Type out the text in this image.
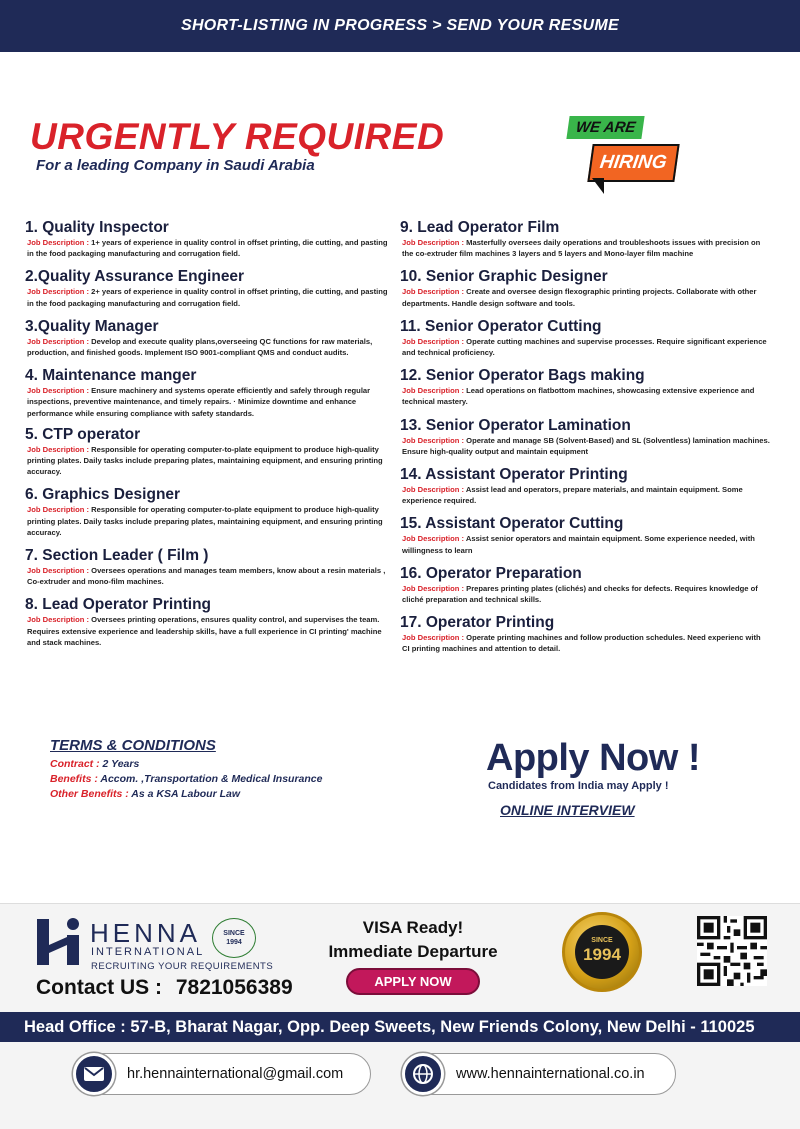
SHORT-LISTING IN PROGRESS > SEND YOUR RESUME
URGENTLY REQUIRED
For a leading Company in Saudi Arabia
WE ARE
HIRING
1. Quality Inspector
Job Description : 1+ years of experience in quality control in offset printing, die cutting, and pasting in the food packaging manufacturing and corrugation field.
2.Quality Assurance Engineer
Job Description : 2+ years of experience in quality control in offset printing, die cutting, and pasting in the food packaging manufacturing and corrugation field.
3.Quality Manager
Job Description : Develop and execute quality plans,overseeing QC functions for raw materials, production, and finished goods. Implement ISO 9001-compliant QMS and conduct audits.
4. Maintenance manger
Job Description : Ensure machinery and systems operate efficiently and safely through regular inspections, preventive maintenance, and timely repairs. · Minimize downtime and enhance performance while ensuring compliance with safety standards.
5. CTP operator
Job Description : Responsible for operating computer-to-plate equipment to produce high-quality printing plates. Daily tasks include preparing plates, maintaining equipment, and ensuring printing accuracy.
6. Graphics Designer
Job Description : Responsible for operating computer-to-plate equipment to produce high-quality printing plates. Daily tasks include preparing plates, maintaining equipment, and ensuring printing accuracy.
7. Section Leader ( Film )
Job Description : Oversees operations and manages team members, know about a resin materials , Co-extruder and mono-film machines.
8. Lead Operator Printing
Job Description : Oversees printing operations, ensures quality control, and supervises the team. Requires extensive experience and leadership skills, have a full experience in CI printing' machine and stack machines.
9. Lead Operator Film
Job Description : Masterfully oversees daily operations and troubleshoots issues with precision on the co-extruder film machines 3 layers and 5 layers and Mono-layer film machine
10. Senior Graphic Designer
Job Description : Create and oversee design flexographic printing projects. Collaborate with other departments. Handle design software and tools.
11. Senior Operator Cutting
Job Description : Operate cutting machines and supervise processes. Require significant experience and technical proficiency.
12. Senior Operator Bags making
Job Description : Lead operations on flatbottom machines, showcasing extensive experience and technical mastery.
13. Senior Operator Lamination
Job Description : Operate and manage SB (Solvent-Based) and SL (Solventless) lamination machines. Ensure high-quality output and maintain equipment
14. Assistant Operator Printing
Job Description : Assist lead and operators, prepare materials, and maintain equipment. Some experience required.
15. Assistant Operator Cutting
Job Description : Assist senior operators and maintain equipment. Some experience needed, with willingness to learn
16. Operator Preparation
Job Description : Prepares printing plates (clichés) and checks for defects. Requires knowledge of cliché preparation and technical skills.
17. Operator Printing
Job Description : Operate printing machines and follow production schedules. Need experienc with CI printing machines and attention to detail.
TERMS & CONDITIONS
Contract : 2 Years
Benefits : Accom. ,Transportation & Medical Insurance
Other Benefits : As a KSA Labour Law
Apply Now !
Candidates from India may Apply !
ONLINE INTERVIEW
HENNA
INTERNATIONAL
RECRUITING YOUR REQUIREMENTS
SINCE
1994
Contact US : 7821056389
VISA Ready!
Immediate Departure
APPLY NOW
SINCE
1994
Head Office : 57-B, Bharat Nagar, Opp. Deep Sweets, New Friends Colony, New Delhi - 110025
hr.hennainternational@gmail.com	www.hennainternational.co.in
